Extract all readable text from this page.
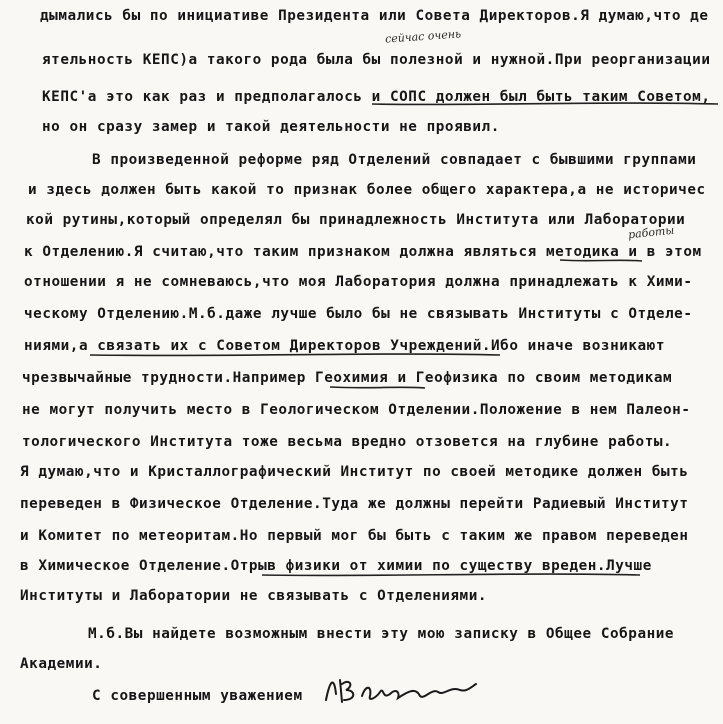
дымались бы по инициативе Президента или Совета Директоров.Я думаю,что де
ятельность КЕПС)а такого рода была бы полезной и нужной.При реорганизации
КЕПС'а это как раз и предполагалось и СОПС должен был быть таким Советом,
но он сразу замер и такой деятельности не проявил.
В произведенной реформе ряд Отделений совпадает с бывшими группами
и здесь должен быть какой то признак более общего характера,а не историчес
кой рутины,который определял бы принадлежность Института или Лаборатории
к Отделению.Я считаю,что таким признаком должна являться методика и в этом
отношении я не сомневаюсь,что моя Лаборатория должна принадлежать к Хими-
ческому Отделению.М.б.даже лучше было бы не связывать Институты с Отделе-
ниями,а связать их с Советом Директоров Учреждений.Ибо иначе возникают
чрезвычайные трудности.Например Геохимия и Геофизика по своим методикам
не могут получить место в Геологическом Отделении.Положение в нем Палеон-
тологического Института тоже весьма вредно отзовется на глубине работы.
Я думаю,что и Кристаллографический Институт по своей методике должен быть
переведен в Физическое Отделение.Туда же должны перейти Радиевый Институт
и Комитет по метеоритам.Но первый мог бы быть с таким же правом переведен
в Химическое Отделение.Отрыв физики от химии по существу вреден.Лучше
Институты и Лаборатории не связывать с Отделениями.
М.б.Вы найдете возможным внести эту мою записку в Общее Собрание
Академии.
С совершенным уважением
сейчас очень
работы
